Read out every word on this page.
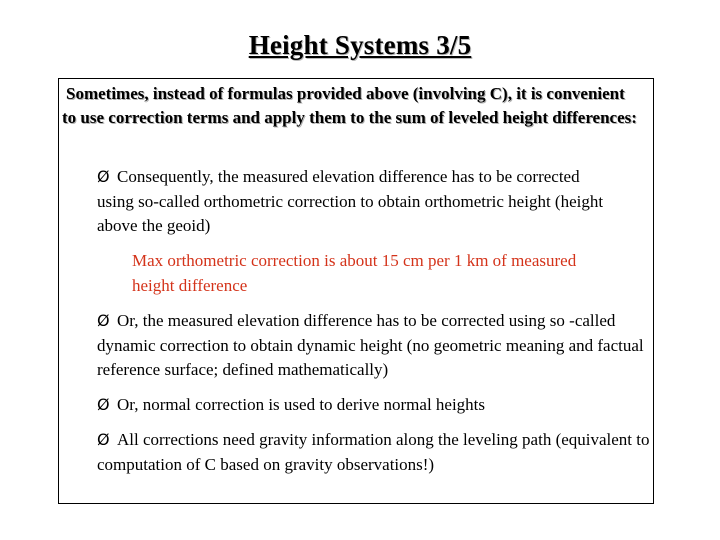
Height Systems 3/5
Sometimes, instead of formulas provided above (involving C), it is convenient to use correction terms and apply them to the sum of leveled height differences:
Ø Consequently, the measured elevation difference has to be corrected using so-called orthometric correction to obtain orthometric height (height above the geoid)
Max orthometric correction is about 15 cm per 1 km of measured height difference
Ø Or, the measured elevation difference has to be corrected using so -called dynamic correction to obtain dynamic height (no geometric meaning and factual reference surface; defined mathematically)
Ø Or, normal correction is used to derive normal heights
Ø All corrections need gravity information along the leveling path (equivalent to computation of C based on gravity observations!)
